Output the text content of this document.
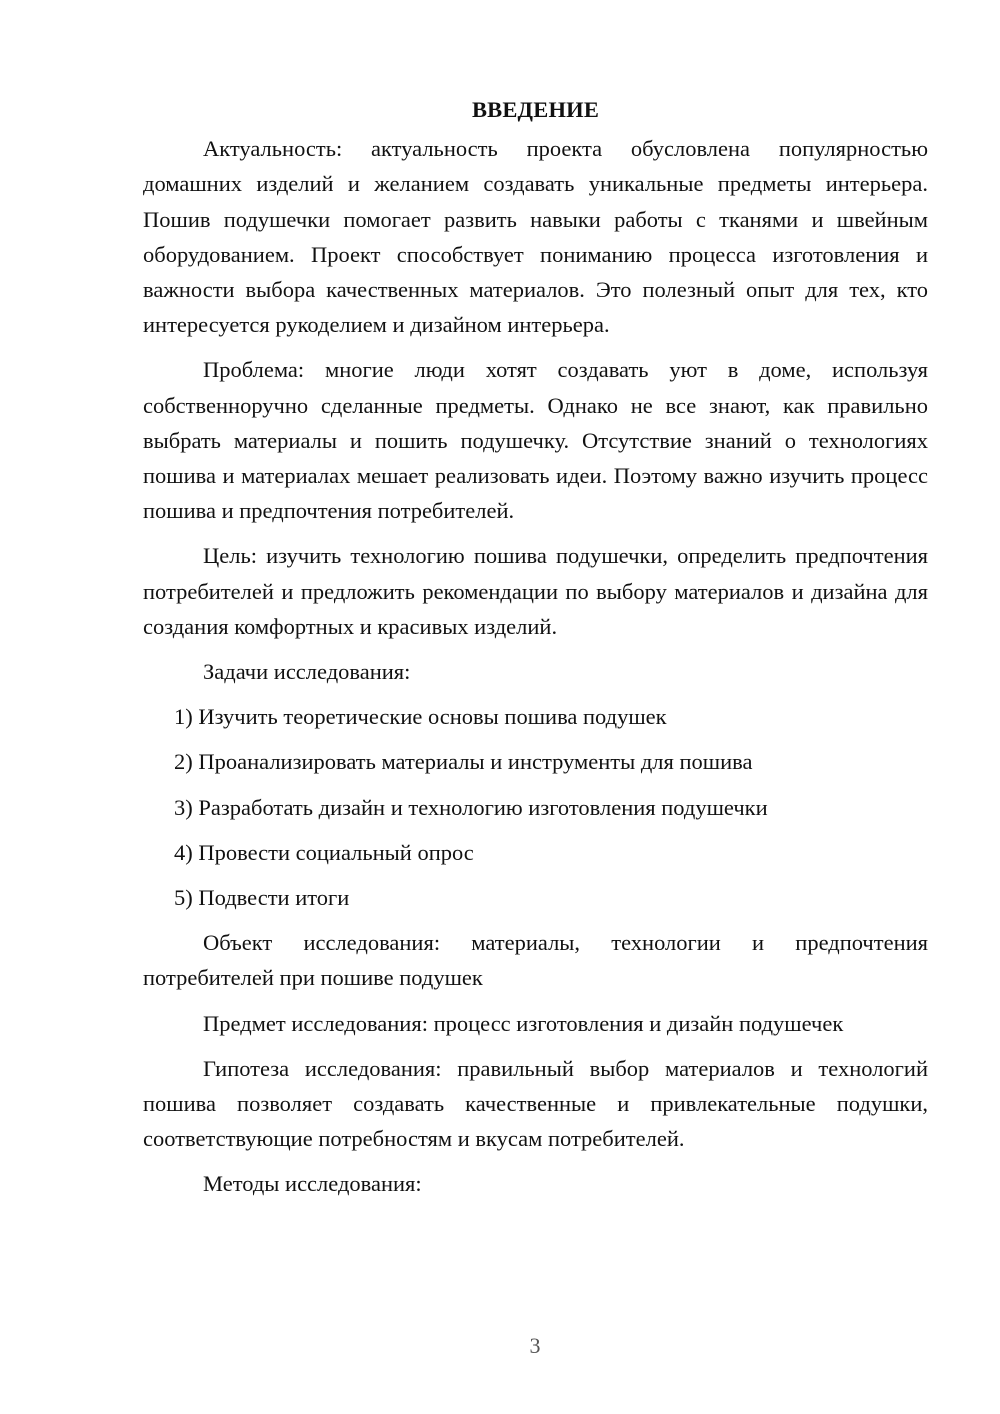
ВВЕДЕНИЕ

Актуальность: актуальность проекта обусловлена популярностью домашних изделий и желанием создавать уникальные предметы интерьера. Пошив подушечки помогает развить навыки работы с тканями и швейным оборудованием. Проект способствует пониманию процесса изготовления и важности выбора качественных материалов. Это полезный опыт для тех, кто интересуется рукоделием и дизайном интерьера.

Проблема: многие люди хотят создавать уют в доме, используя собственноручно сделанные предметы. Однако не все знают, как правильно выбрать материалы и пошить подушечку. Отсутствие знаний о технологиях пошива и материалах мешает реализовать идеи. Поэтому важно изучить процесс пошива и предпочтения потребителей.

Цель: изучить технологию пошива подушечки, определить предпочтения потребителей и предложить рекомендации по выбору материалов и дизайна для создания комфортных и красивых изделий.

Задачи исследования:

1) Изучить теоретические основы пошива подушек
2) Проанализировать материалы и инструменты для пошива
3) Разработать дизайн и технологию изготовления подушечки
4) Провести социальный опрос
5) Подвести итоги

Объект исследования: материалы, технологии и предпочтения потребителей при пошиве подушек

Предмет исследования: процесс изготовления и дизайн подушечек

Гипотеза исследования: правильный выбор материалов и технологий пошива позволяет создавать качественные и привлекательные подушки, соответствующие потребностям и вкусам потребителей.

Методы исследования:

3
